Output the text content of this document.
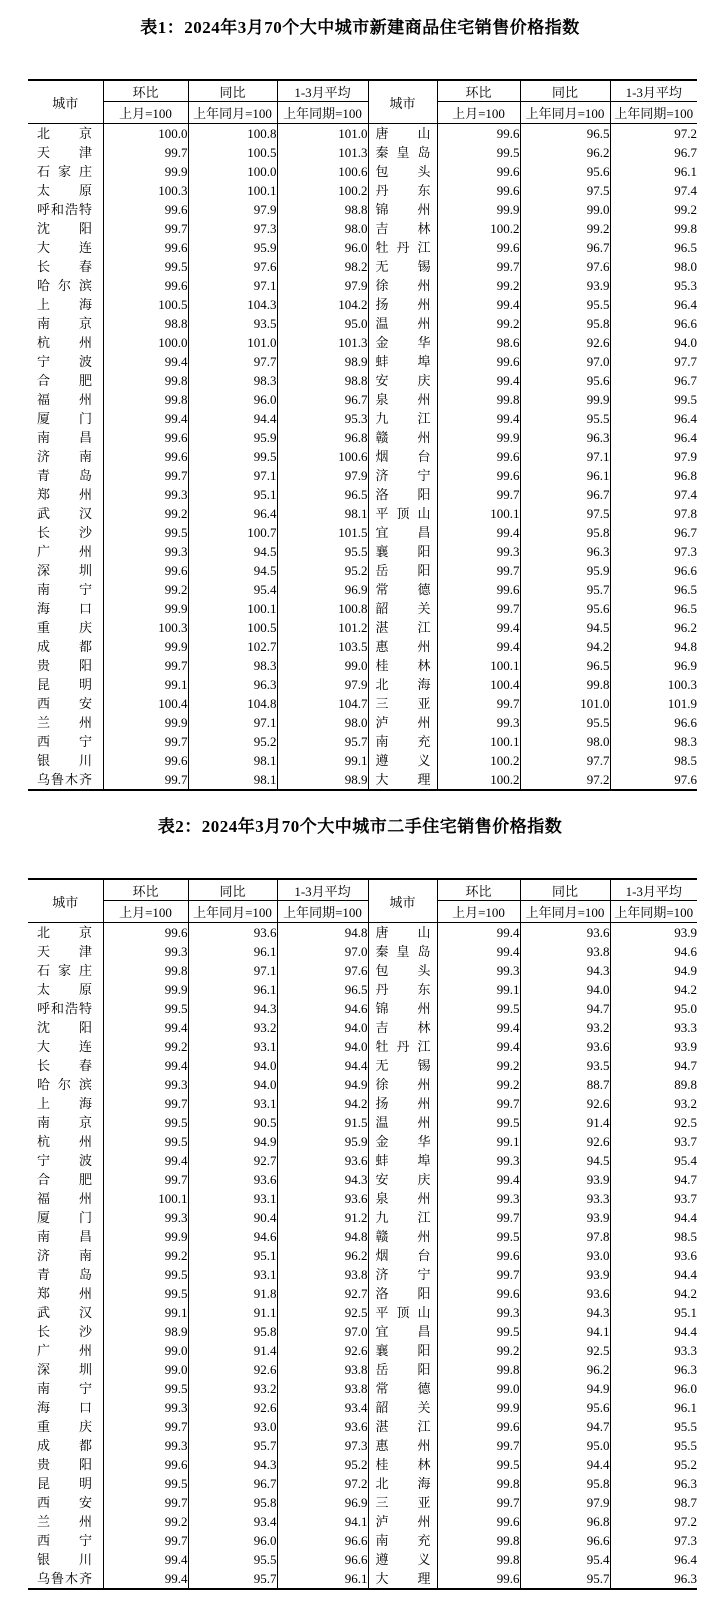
表1：2024年3月70个大中城市新建商品住宅销售价格指数
城市	环比	同比	1-3月平均	城市	环比	同比	1-3月平均
	上月=100	上年同月=100	上年同期=100		上月=100	上年同月=100	上年同期=100

北京	100.0	100.8	101.0	唐山	99.6	96.5	97.2

天津	99.7	100.5	101.3	秦皇岛	99.5	96.2	96.7

石家庄	99.9	100.0	100.6	包头	99.6	95.6	96.1

太原	100.3	100.1	100.2	丹东	99.6	97.5	97.4

呼和浩特	99.6	97.9	98.8	锦州	99.9	99.0	99.2

沈阳	99.7	97.3	98.0	吉林	100.2	99.2	99.8

大连	99.6	95.9	96.0	牡丹江	99.6	96.7	96.5

长春	99.5	97.6	98.2	无锡	99.7	97.6	98.0

哈尔滨	99.6	97.1	97.9	徐州	99.2	93.9	95.3

上海	100.5	104.3	104.2	扬州	99.4	95.5	96.4

南京	98.8	93.5	95.0	温州	99.2	95.8	96.6

杭州	100.0	101.0	101.3	金华	98.6	92.6	94.0

宁波	99.4	97.7	98.9	蚌埠	99.6	97.0	97.7

合肥	99.8	98.3	98.8	安庆	99.4	95.6	96.7

福州	99.8	96.0	96.7	泉州	99.8	99.9	99.5

厦门	99.4	94.4	95.3	九江	99.4	95.5	96.4

南昌	99.6	95.9	96.8	赣州	99.9	96.3	96.4

济南	99.6	99.5	100.6	烟台	99.6	97.1	97.9

青岛	99.7	97.1	97.9	济宁	99.6	96.1	96.8

郑州	99.3	95.1	96.5	洛阳	99.7	96.7	97.4

武汉	99.2	96.4	98.1	平顶山	100.1	97.5	97.8

长沙	99.5	100.7	101.5	宜昌	99.4	95.8	96.7

广州	99.3	94.5	95.5	襄阳	99.3	96.3	97.3

深圳	99.6	94.5	95.2	岳阳	99.7	95.9	96.6

南宁	99.2	95.4	96.9	常德	99.6	95.7	96.5

海口	99.9	100.1	100.8	韶关	99.7	95.6	96.5

重庆	100.3	100.5	101.2	湛江	99.4	94.5	96.2

成都	99.9	102.7	103.5	惠州	99.4	94.2	94.8

贵阳	99.7	98.3	99.0	桂林	100.1	96.5	96.9

昆明	99.1	96.3	97.9	北海	100.4	99.8	100.3

西安	100.4	104.8	104.7	三亚	99.7	101.0	101.9

兰州	99.9	97.1	98.0	泸州	99.3	95.5	96.6

西宁	99.7	95.2	95.7	南充	100.1	98.0	98.3

银川	99.6	98.1	99.1	遵义	100.2	97.7	98.5

乌鲁木齐	99.7	98.1	98.9	大理	100.2	97.2	97.6
表2：2024年3月70个大中城市二手住宅销售价格指数
城市	环比	同比	1-3月平均	城市	环比	同比	1-3月平均
	上月=100	上年同月=100	上年同期=100		上月=100	上年同月=100	上年同期=100

北京	99.6	93.6	94.8	唐山	99.4	93.6	93.9

天津	99.3	96.1	97.0	秦皇岛	99.4	93.8	94.6

石家庄	99.8	97.1	97.6	包头	99.3	94.3	94.9

太原	99.9	96.1	96.5	丹东	99.1	94.0	94.2

呼和浩特	99.5	94.3	94.6	锦州	99.5	94.7	95.0

沈阳	99.4	93.2	94.0	吉林	99.4	93.2	93.3

大连	99.2	93.1	94.0	牡丹江	99.4	93.6	93.9

长春	99.4	94.0	94.4	无锡	99.2	93.5	94.7

哈尔滨	99.3	94.0	94.9	徐州	99.2	88.7	89.8

上海	99.7	93.1	94.2	扬州	99.7	92.6	93.2

南京	99.5	90.5	91.5	温州	99.5	91.4	92.5

杭州	99.5	94.9	95.9	金华	99.1	92.6	93.7

宁波	99.4	92.7	93.6	蚌埠	99.3	94.5	95.4

合肥	99.7	93.6	94.3	安庆	99.4	93.9	94.7

福州	100.1	93.1	93.6	泉州	99.3	93.3	93.7

厦门	99.3	90.4	91.2	九江	99.7	93.9	94.4

南昌	99.9	94.6	94.8	赣州	99.5	97.8	98.5

济南	99.2	95.1	96.2	烟台	99.6	93.0	93.6

青岛	99.5	93.1	93.8	济宁	99.7	93.9	94.4

郑州	99.5	91.8	92.7	洛阳	99.6	93.6	94.2

武汉	99.1	91.1	92.5	平顶山	99.3	94.3	95.1

长沙	98.9	95.8	97.0	宜昌	99.5	94.1	94.4

广州	99.0	91.4	92.6	襄阳	99.2	92.5	93.3

深圳	99.0	92.6	93.8	岳阳	99.8	96.2	96.3

南宁	99.5	93.2	93.8	常德	99.0	94.9	96.0

海口	99.3	92.6	93.4	韶关	99.9	95.6	96.1

重庆	99.7	93.0	93.6	湛江	99.6	94.7	95.5

成都	99.3	95.7	97.3	惠州	99.7	95.0	95.5

贵阳	99.6	94.3	95.2	桂林	99.5	94.4	95.2

昆明	99.5	96.7	97.2	北海	99.8	95.8	96.3

西安	99.7	95.8	96.9	三亚	99.7	97.9	98.7

兰州	99.2	93.4	94.1	泸州	99.6	96.8	97.2

西宁	99.7	96.0	96.6	南充	99.8	96.6	97.3

银川	99.4	95.5	96.6	遵义	99.8	95.4	96.4

乌鲁木齐	99.4	95.7	96.1	大理	99.6	95.7	96.3
